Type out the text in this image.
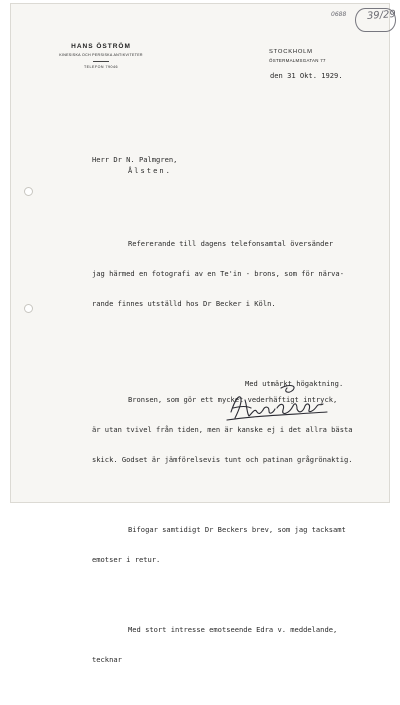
0688 39/29
HANS ÖSTRÖM
KINESISKA OCH PERSISKA ANTIKVITETER
TELEFON 79046
STOCKHOLM
ÖSTERMALMSGATAN 77
den 31 Okt. 1929.
Herr Dr N. Palmgren,
Ålsten.

Refererande till dagens telefonsamtal översänder

jag härmed en fotografi av en Te'in - brons, som för närva-

rande finnes utställd hos Dr Becker i Köln.

Bronsen, som gör ett mycket vederhäftigt intryck,

är utan tvivel från tiden, men är kanske ej i det allra bästa

skick. Godset är jämförelsevis tunt och patinan grågrönaktig.

Bifogar samtidigt Dr Beckers brev, som jag tacksamt

emotser i retur.

Med stort intresse emotseende Edra v. meddelande,

tecknar

Med utmärkt högaktning.
